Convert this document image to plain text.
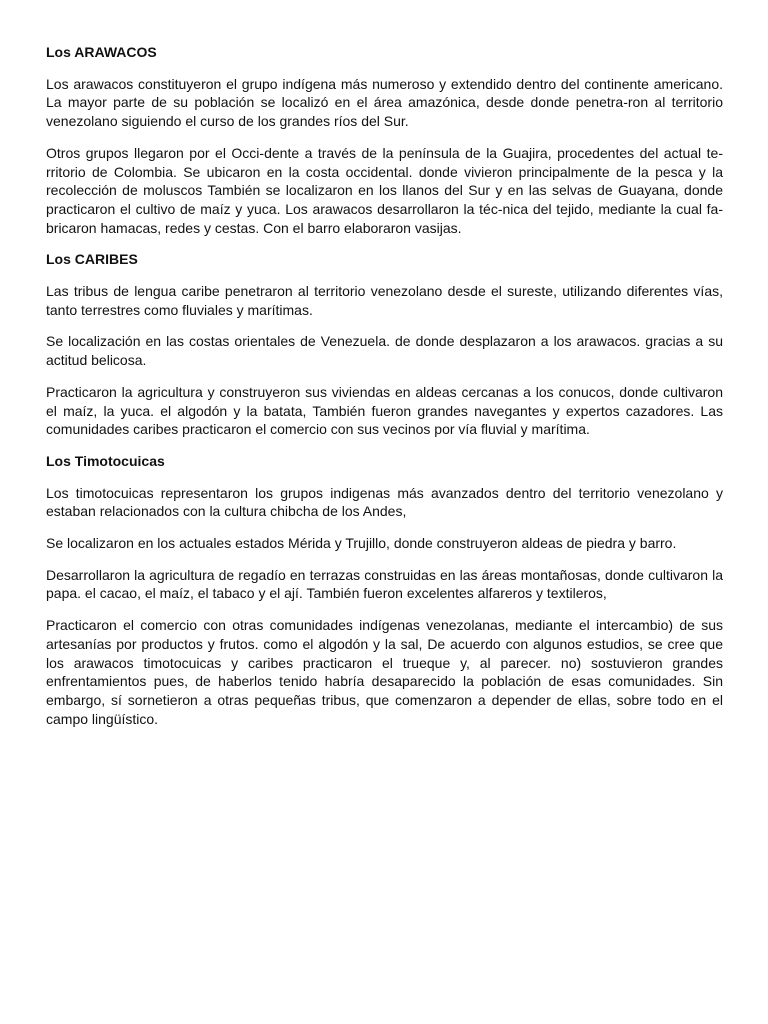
Los ARAWACOS

Los arawacos constituyeron el grupo indígena más numeroso y extendido dentro del continente americano. La mayor parte de su población se localizó en el área amazónica, desde donde penetra-ron al territorio venezolano siguiendo el curso de los grandes ríos del Sur.

Otros grupos llegaron por el Occi-dente a través de la península de la Guajira, procedentes del actual te-rritorio de Colombia. Se ubicaron en la costa occidental. donde vivieron principalmente de la pesca y la recolección de moluscos También se localizaron en los llanos del Sur y en las selvas de Guayana, donde practicaron el cultivo de maíz y yuca. Los arawacos desarrollaron la téc-nica del tejido, mediante la cual fa-bricaron hamacas, redes y cestas. Con el barro elaboraron vasijas.

Los CARIBES

Las tribus de lengua caribe penetraron al territorio venezolano desde el sureste, utilizando diferentes vías, tanto terrestres como fluviales y marítimas.

Se localización en las costas orientales de Venezuela. de donde desplazaron a los arawacos. gracias a su actitud belicosa.

Practicaron la agricultura y construyeron sus viviendas en aldeas cercanas a los conucos, donde cultivaron el maíz, la yuca. el algodón y la batata, También fueron grandes navegantes y expertos cazadores. Las comunidades caribes practicaron el comercio con sus vecinos por vía fluvial y marítima.

Los Timotocuicas

Los timotocuicas representaron los grupos indigenas más avanzados dentro del territorio venezolano y estaban relacionados con la cultura chibcha de los Andes,

Se localizaron en los actuales estados Mérida y Trujillo, donde construyeron aldeas de piedra y barro.

Desarrollaron la agricultura de regadío en terrazas construidas en las áreas montañosas, donde cultivaron la papa. el cacao, el maíz, el tabaco y el ají. También fueron excelentes alfareros y textileros,

Practicaron el comercio con otras comunidades indígenas venezolanas, mediante el intercambio) de sus artesanías por productos y frutos. como el algodón y la sal, De acuerdo con algunos estudios, se cree que los arawacos timotocuicas y caribes practicaron el trueque y, al parecer. no) sostuvieron grandes enfrentamientos pues, de haberlos tenido habría desaparecido la población de esas comunidades. Sin embargo, sí sornetieron a otras pequeñas tribus, que comenzaron a depender de ellas, sobre todo en el campo lingüístico.
